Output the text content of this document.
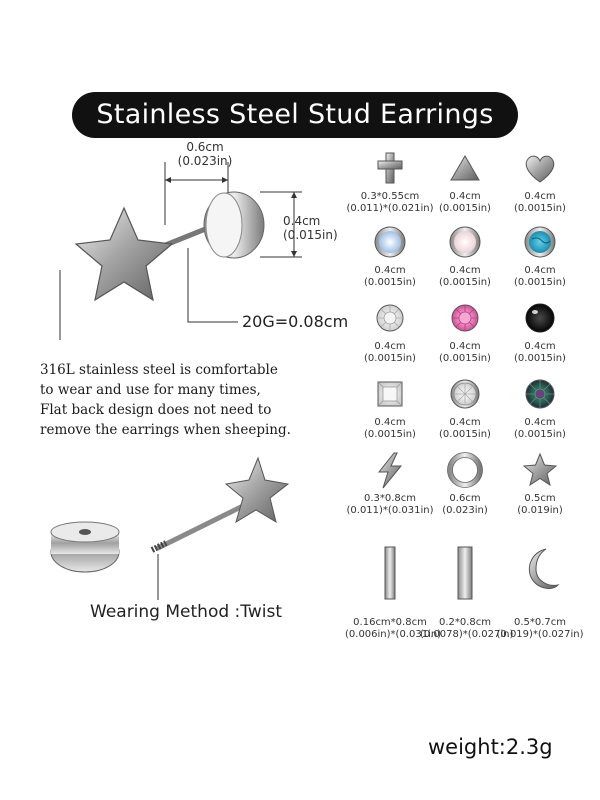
Stainless Steel Stud Earrings
0.6cm
(0.023in)
0.4cm
(0.015in)
20G=0.08cm
316L stainless steel is comfortable
to wear and use for many times,
Flat back design does not need to
remove the earrings when sheeping.
Wearing Method :Twist
0.3*0.55cm
(0.011)*(0.021in)
0.4cm
(0.0015in)
0.4cm
(0.0015in)
0.4cm
(0.0015in)
0.4cm
(0.0015in)
0.4cm
(0.0015in)
0.4cm
(0.0015in)
0.4cm
(0.0015in)
0.4cm
(0.0015in)
0.4cm
(0.0015in)
0.4cm
(0.0015in)
0.4cm
(0.0015in)
0.3*0.8cm
(0.011)*(0.031in)
0.6cm
(0.023in)
0.5cm
(0.019in)
0.16cm*0.8cm
(0.006in)*(0.031in)
0.2*0.8cm
(0.0078)*(0.027in)
0.5*0.7cm
(0.019)*(0.027in)
weight:2.3g
